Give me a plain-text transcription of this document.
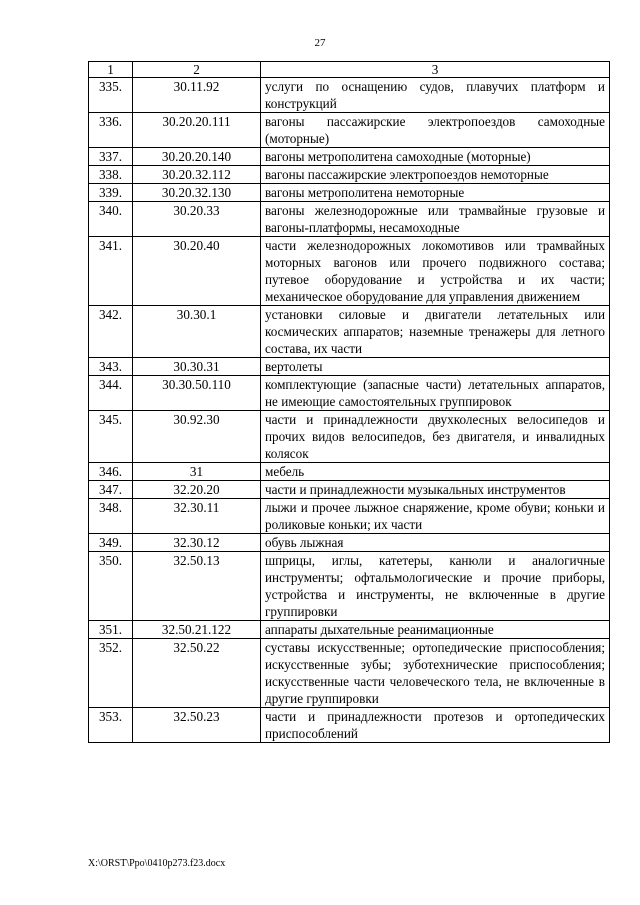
27
1	2	3
335.	30.11.92	услуги по оснащению судов, плавучих платформ и конструкций
336.	30.20.20.111	вагоны пассажирские электропоездов самоходные (моторные)
337.	30.20.20.140	вагоны метрополитена самоходные (моторные)
338.	30.20.32.112	вагоны пассажирские электропоездов немоторные
339.	30.20.32.130	вагоны метрополитена немоторные
340.	30.20.33	вагоны железнодорожные или трамвайные грузовые и вагоны-платформы, несамоходные
341.	30.20.40	части железнодорожных локомотивов или трамвайных моторных вагонов или прочего подвижного состава; путевое оборудование и устройства и их части; механическое оборудование для управления движением
342.	30.30.1	установки силовые и двигатели летательных или космических аппаратов; наземные тренажеры для летного состава, их части
343.	30.30.31	вертолеты
344.	30.30.50.110	комплектующие (запасные части) летательных аппаратов, не имеющие самостоятельных группировок
345.	30.92.30	части и принадлежности двухколесных велосипедов и прочих видов велосипедов, без двигателя, и инвалидных колясок
346.	31	мебель
347.	32.20.20	части и принадлежности музыкальных инструментов
348.	32.30.11	лыжи и прочее лыжное снаряжение, кроме обуви; коньки и роликовые коньки; их части
349.	32.30.12	обувь лыжная
350.	32.50.13	шприцы, иглы, катетеры, канюли и аналогичные инструменты; офтальмологические и прочие приборы, устройства и инструменты, не включенные в другие группировки
351.	32.50.21.122	аппараты дыхательные реанимационные
352.	32.50.22	суставы искусственные; ортопедические приспособления; искусственные зубы; зуботехнические приспособления; искусственные части человеческого тела, не включенные в другие группировки
353.	32.50.23	части и принадлежности протезов и ортопедических приспособлений
X:\ORST\Ppo\0410p273.f23.docx
